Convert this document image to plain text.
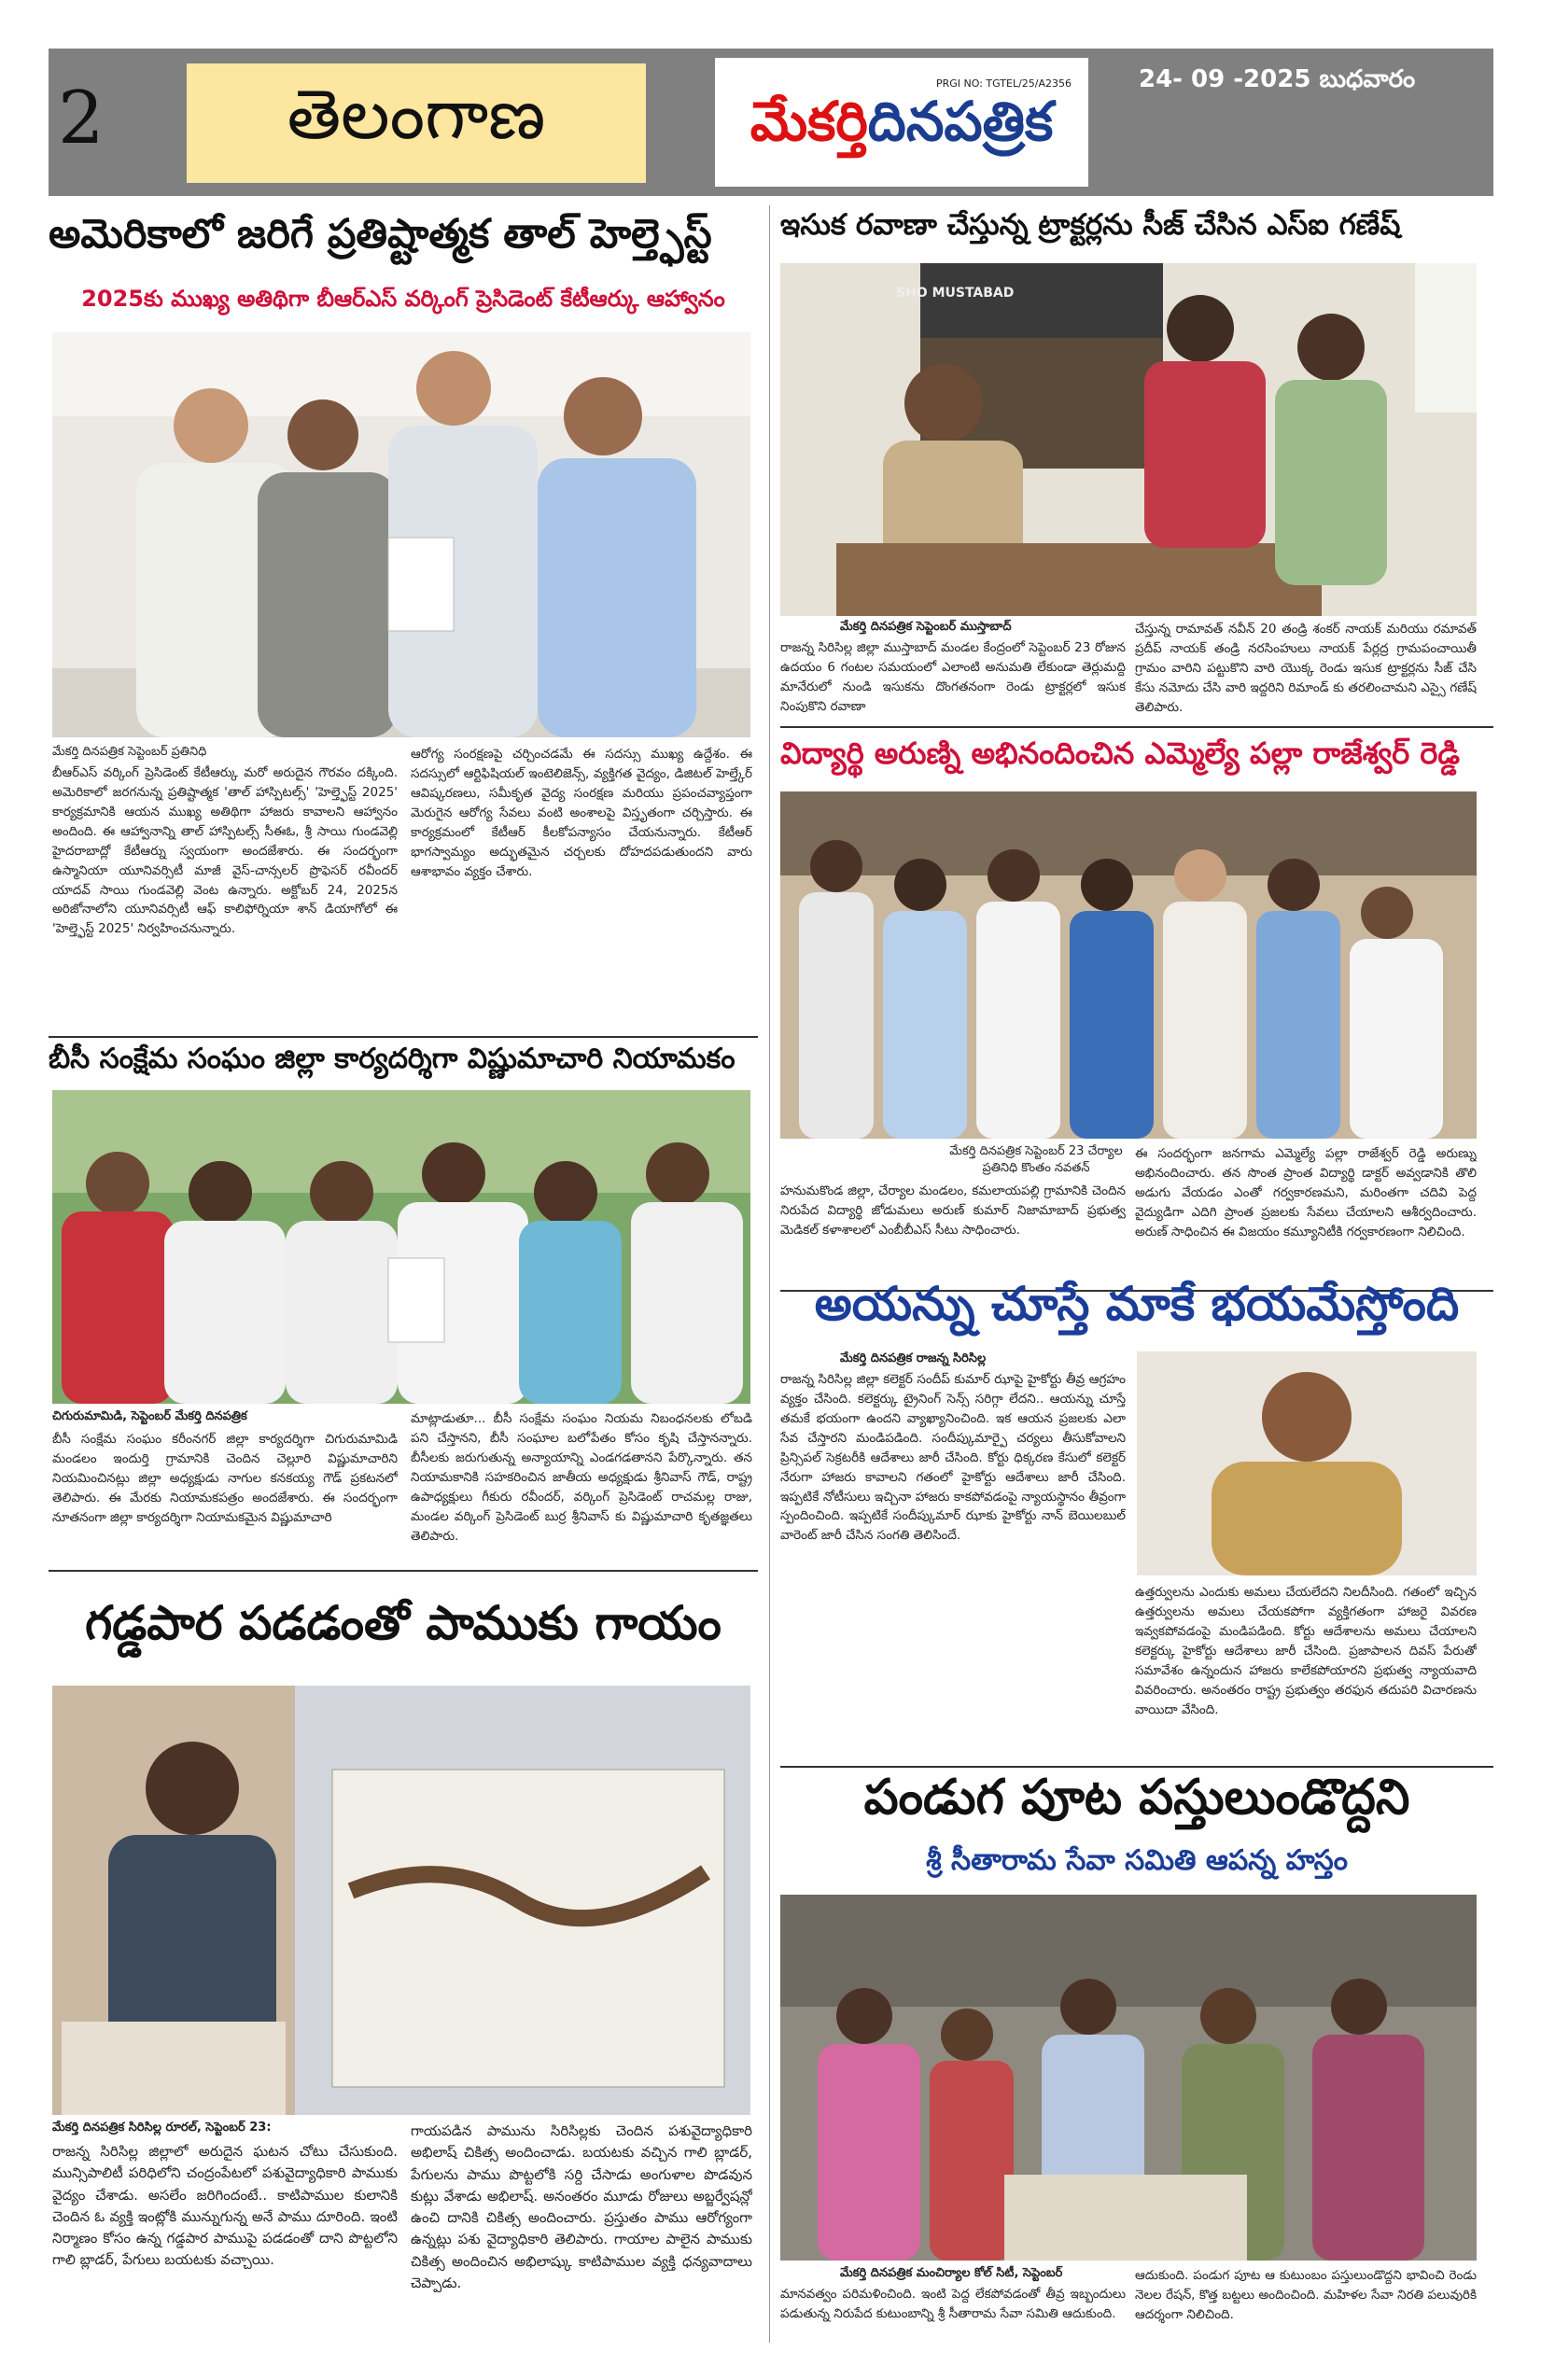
2	తెలంగాణ	PRGI NO: TGTEL/25/A2356
మేకర్తిదినపత్రిక
24- 09 -2025 బుధవారం
అమెరికాలో జరిగే ప్రతిష్టాత్మక తాల్ హెల్త్ఫెస్ట్
2025కు ముఖ్య అతిథిగా బీఆర్ఎస్ వర్కింగ్ ప్రెసిడెంట్ కేటీఆర్కు ఆహ్వానం
మేకర్తి దినపత్రిక సెప్టెంబర్ ప్రతినిధి
బీఆర్ఎస్ వర్కింగ్ ప్రెసిడెంట్ కేటీఆర్కు మరో అరుదైన గౌరవం దక్కింది. అమెరికాలో జరగనున్న ప్రతిష్టాత్మక 'తాల్ హాస్పిటల్స్' 'హెల్త్ఫెస్ట్ 2025' కార్యక్రమానికి ఆయన ముఖ్య అతిథిగా హాజరు కావాలని ఆహ్వానం అందింది. ఈ ఆహ్వానాన్ని తాల్ హాస్పిటల్స్ సీఈఓ, శ్రీ సాయి గుండవెల్లి హైదరాబాద్లో కేటీఆర్ను స్వయంగా అందజేశారు. ఈ సందర్భంగా ఉస్మానియా యూనివర్సిటీ మాజీ వైస్-చాన్సలర్ ప్రొఫెసర్ రవీందర్ యాదవ్ సాయి గుండవెల్లి వెంట ఉన్నారు. అక్టోబర్ 24, 2025న అరిజోనాలోని యూనివర్సిటీ ఆఫ్ కాలిఫోర్నియా శాన్ డియాగోలో ఈ 'హెల్త్ఫెస్ట్ 2025' నిర్వహించనున్నారు.
ఆరోగ్య సంరక్షణపై చర్చించడమే ఈ సదస్సు ముఖ్య ఉద్దేశం. ఈ సదస్సులో ఆర్టిఫిషియల్ ఇంటెలిజెన్స్, వ్యక్తిగత వైద్యం, డిజిటల్ హెల్త్కేర్ ఆవిష్కరణలు, సమీకృత వైద్య సంరక్షణ మరియు ప్రపంచవ్యాప్తంగా మెరుగైన ఆరోగ్య సేవలు వంటి అంశాలపై విస్తృతంగా చర్చిస్తారు. ఈ కార్యక్రమంలో కేటీఆర్ కీలకోపన్యాసం చేయనున్నారు. కేటీఆర్ భాగస్వామ్యం అద్భుతమైన చర్చలకు దోహదపడుతుందని వారు ఆశాభావం వ్యక్తం చేశారు.
బీసీ సంక్షేమ సంఘం జిల్లా కార్యదర్శిగా విష్ణుమాచారి నియామకం
చిగురుమామిడి, సెప్టెంబర్ మేకర్తి దినపత్రిక
బీసీ సంక్షేమ సంఘం కరీంనగర్ జిల్లా కార్యదర్శిగా చిగురుమామిడి మండలం ఇందుర్తి గ్రామానికి చెందిన చెల్లూరి విష్ణుమాచారిని నియమించినట్లు జిల్లా అధ్యక్షుడు నాగుల కనకయ్య గౌడ్ ప్రకటనలో తెలిపారు. ఈ మేరకు నియామకపత్రం అందజేశారు. ఈ సందర్భంగా నూతనంగా జిల్లా కార్యదర్శిగా నియామకమైన విష్ణుమాచారి
మాట్లాడుతూ... బీసీ సంక్షేమ సంఘం నియమ నిబంధనలకు లోబడి పని చేస్తానని, బీసీ సంఘాల బలోపేతం కోసం కృషి చేస్తానన్నారు. బీసీలకు జరుగుతున్న అన్యాయాన్ని ఎండగడతానని పేర్కొన్నారు. తన నియామకానికి సహకరించిన జాతీయ అధ్యక్షుడు శ్రీనివాస్ గౌడ్, రాష్ట్ర ఉపాధ్యక్షులు గీకురు రవీందర్, వర్కింగ్ ప్రెసిడెంట్ రాచమల్ల రాజు, మండల వర్కింగ్ ప్రెసిడెంట్ బుర్ర శ్రీనివాస్ కు విష్ణుమాచారి కృతజ్ఞతలు తెలిపారు.
గడ్డపార పడడంతో పాముకు గాయం
మేకర్తి దినపత్రిక సిరిసిల్ల రూరల్, సెప్టెంబర్ 23:
రాజన్న సిరిసిల్ల జిల్లాలో అరుదైన ఘటన చోటు చేసుకుంది. మున్సిపాలిటీ పరిధిలోని చంద్రంపేటలో పశువైద్యాధికారి పాముకు వైద్యం చేశాడు. అసలేం జరిగిందంటే.. కాటిపాముల కులానికి చెందిన ఓ వ్యక్తి ఇంట్లోకి మున్నుగున్న అనే పాము దూరింది. ఇంటి నిర్మాణం కోసం ఉన్న గడ్డపార పాముపై పడడంతో దాని పొట్టలోని గాలి బ్లాడర్, పేగులు బయటకు వచ్చాయి.
గాయపడిన పామును సిరిసిల్లకు చెందిన పశువైద్యాధికారి అభిలాష్ చికిత్స అందించాడు. బయటకు వచ్చిన గాలి బ్లాడర్, పేగులను పాము పొట్టలోకి సర్ది చేసాడు అంగుళాల పొడవున కుట్లు వేశాడు అభిలాష్. అనంతరం మూడు రోజులు అబ్జర్వేషన్లో ఉంచి దానికి చికిత్స అందించారు. ప్రస్తుతం పాము ఆరోగ్యంగా ఉన్నట్లు పశు వైద్యాధికారి తెలిపారు. గాయాల పాలైన పాముకు చికిత్స అందించిన అభిలాష్కు కాటిపాముల వ్యక్తి ధన్యవాదాలు చెప్పాడు.
ఇసుక రవాణా చేస్తున్న ట్రాక్టర్లను సీజ్ చేసిన ఎస్ఐ గణేష్
SHO MUSTABAD
మేకర్తి దినపత్రిక సెప్టెంబర్ ముస్తాబాద్
రాజన్న సిరిసిల్ల జిల్లా ముస్తాబాద్ మండల కేంద్రంలో సెప్టెంబర్ 23 రోజున ఉదయం 6 గంటల సమయంలో ఎలాంటి అనుమతి లేకుండా తెర్లుమద్ది మానేరులో నుండి ఇసుకను దొంగతనంగా రెండు ట్రాక్టర్లలో ఇసుక నింపుకొని రవాణా
చేస్తున్న రామావత్ నవీన్ 20 తండ్రి శంకర్ నాయక్ మరియు రమావత్ ప్రదీప్ నాయక్ తండ్రి నరసింహులు నాయక్ పేర్లద్ర గ్రామపంచాయితీ గ్రామం వారిని పట్టుకొని వారి యొక్క రెండు ఇసుక ట్రాక్టర్లను సీజ్ చేసి కేసు నమోదు చేసి వారి ఇద్దరిని రిమాండ్ కు తరలించామని ఎస్సై గణేష్ తెలిపారు.
విద్యార్థి అరుణ్ని అభినందించిన ఎమ్మెల్యే పల్లా రాజేశ్వర్ రెడ్డి
మేకర్తి దినపత్రిక సెప్టెంబర్ 23 చేర్యాల ప్రతినిధి కొంతం నవతన్
హనుమకొండ జిల్లా, చేర్యాల మండలం, కమలాయపల్లి గ్రామానికి చెందిన నిరుపేద విద్యార్థి జోడుమలు అరుణ్ కుమార్ నిజామాబాద్ ప్రభుత్వ మెడికల్ కళాశాలలో ఎంబీబీఎస్ సీటు సాధించారు.
ఈ సందర్భంగా జనగామ ఎమ్మెల్యే పల్లా రాజేశ్వర్ రెడ్డి అరుణ్ను అభినందించారు. తన సొంత ప్రాంత విద్యార్థి డాక్టర్ అవ్వడానికి తొలి అడుగు వేయడం ఎంతో గర్వకారణమని, మరింతగా చదివి పెద్ద వైద్యుడిగా ఎదిగి ప్రాంత ప్రజలకు సేవలు చేయాలని ఆశీర్వదించారు. అరుణ్ సాధించిన ఈ విజయం కమ్యూనిటీకి గర్వకారణంగా నిలిచింది.
అయన్ను చూస్తే మాకే భయమేస్తోంది
మేకర్తి దినపత్రిక రాజన్న సిరిసిల్ల
రాజన్న సిరిసిల్ల జిల్లా కలెక్టర్ సందీప్ కుమార్ ఝాపై హైకోర్టు తీవ్ర ఆగ్రహం వ్యక్తం చేసింది. కలెక్టర్కు ట్రైనింగ్ సెన్స్ సరిగ్గా లేదని.. ఆయన్ను చూస్తే తమకే భయంగా ఉందని వ్యాఖ్యానించింది. ఇక ఆయన ప్రజలకు ఎలా సేవ చేస్తారని మండిపడింది. సందీప్కుమార్పై చర్యలు తీసుకోవాలని ప్రిన్సిపల్ సెక్రటరీకి ఆదేశాలు జారీ చేసింది. కోర్టు ధిక్కరణ కేసులో కలెక్టర్ నేరుగా హాజరు కావాలని గతంలో హైకోర్టు ఆదేశాలు జారీ చేసింది. ఇప్పటికే నోటీసులు ఇచ్చినా హాజరు కాకపోవడంపై న్యాయస్థానం తీవ్రంగా స్పందించింది. ఇప్పటికే సందీప్కుమార్ ఝాకు హైకోర్టు నాన్ బెయిలబుల్ వారెంట్ జారీ చేసిన సంగతి తెలిసిందే.
ఉత్తర్వులను ఎందుకు అమలు చేయలేదని నిలదీసింది. గతంలో ఇచ్చిన ఉత్తర్వులను అమలు చేయకపోగా వ్యక్తిగతంగా హాజరై వివరణ ఇవ్వకపోవడంపై మండిపడింది. కోర్టు ఆదేశాలను అమలు చేయాలని కలెక్టర్కు హైకోర్టు ఆదేశాలు జారీ చేసింది. ప్రజాపాలన దివస్ పేరుతో సమావేశం ఉన్నందున హాజరు కాలేకపోయారని ప్రభుత్వ న్యాయవాది వివరించారు. అనంతరం రాష్ట్ర ప్రభుత్వం తరఫున తదుపరి విచారణను వాయిదా వేసింది.
పండుగ పూట పస్తులుండొద్దని
శ్రీ సీతారామ సేవా సమితి ఆపన్న హస్తం
మేకర్తి దినపత్రిక మంచిర్యాల కోల్ సిటీ, సెప్టెంబర్
మానవత్వం పరిమళించింది. ఇంటి పెద్ద లేకపోవడంతో తీవ్ర ఇబ్బందులు పడుతున్న నిరుపేద కుటుంబాన్ని శ్రీ సీతారామ సేవా సమితి ఆదుకుంది.
ఆదుకుంది. పండుగ పూట ఆ కుటుంబం పస్తులుండొద్దని భావించి రెండు నెలల రేషన్, కొత్త బట్టలు అందించింది. మహిళల సేవా నిరతి పలువురికి ఆదర్శంగా నిలిచింది.
